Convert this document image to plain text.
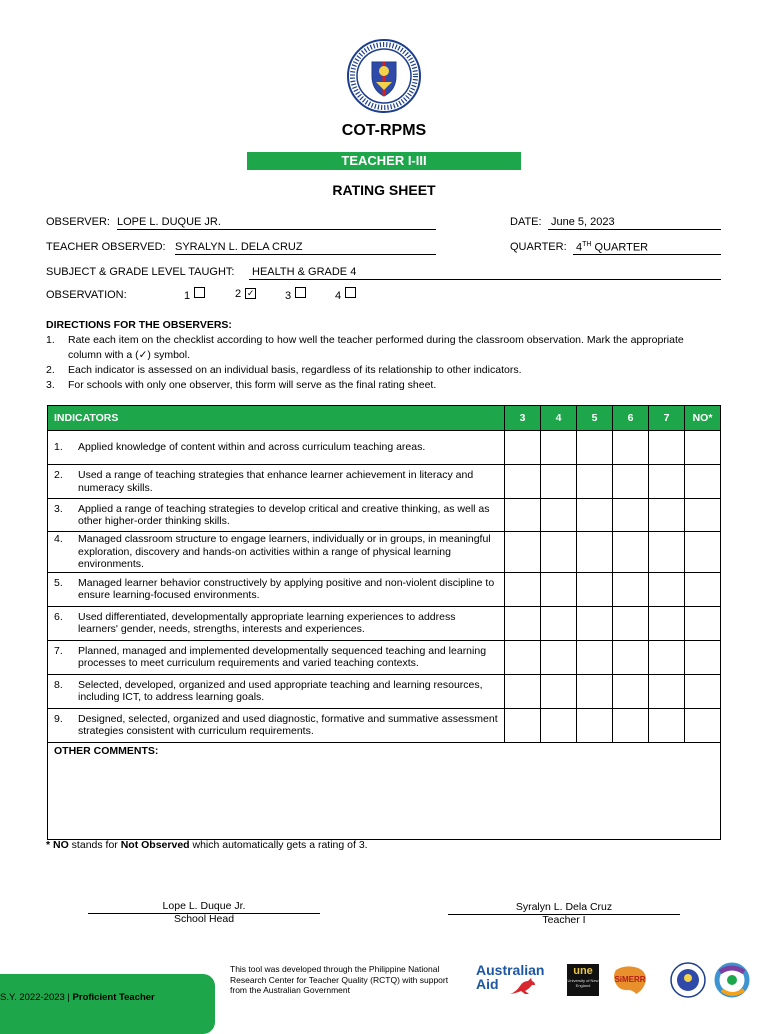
COT-RPMS
TEACHER I-III
RATING SHEET
OBSERVER: LOPE L. DUQUE JR.	DATE: June 5, 2023
TEACHER OBSERVED: SYRALYN L. DELA CRUZ	QUARTER: 4TH QUARTER
SUBJECT & GRADE LEVEL TAUGHT: HEALTH & GRADE 4
OBSERVATION:	1	2 ✓	3	4
DIRECTIONS FOR THE OBSERVERS:
1.	Rate each item on the checklist according to how well the teacher performed during the classroom observation. Mark the appropriate column with a (✓) symbol.
2.	Each indicator is assessed on an individual basis, regardless of its relationship to other indicators.
3.	For schools with only one observer, this form will serve as the final rating sheet.
INDICATORS	3	4	5	6	7	NO*

1. Applied knowledge of content within and across curriculum teaching areas.						

2. Used a range of teaching strategies that enhance learner achievement in literacy and numeracy skills.						

3. Applied a range of teaching strategies to develop critical and creative thinking, as well as other higher-order thinking skills.						

4. Managed classroom structure to engage learners, individually or in groups, in meaningful exploration, discovery and hands-on activities within a range of physical learning environments.						

5. Managed learner behavior constructively by applying positive and non-violent discipline to ensure learning-focused environments.						

6. Used differentiated, developmentally appropriate learning experiences to address learners' gender, needs, strengths, interests and experiences.						

7. Planned, managed and implemented developmentally sequenced teaching and learning processes to meet curriculum requirements and varied teaching contexts.						

8. Selected, developed, organized and used appropriate teaching and learning resources, including ICT, to address learning goals.						

9. Designed, selected, organized and used diagnostic, formative and summative assessment strategies consistent with curriculum requirements.						

OTHER COMMENTS:						
* NO stands for Not Observed which automatically gets a rating of 3.
Lope L. Duque Jr.
School Head
Syralyn L. Dela Cruz
Teacher I
S.Y. 2022-2023 | Proficient Teacher
This tool was developed through the Philippine National Research Center for Teacher Quality (RCTQ) with support from the Australian Government
Australian
Aid
une
University of New England
SiMERR
